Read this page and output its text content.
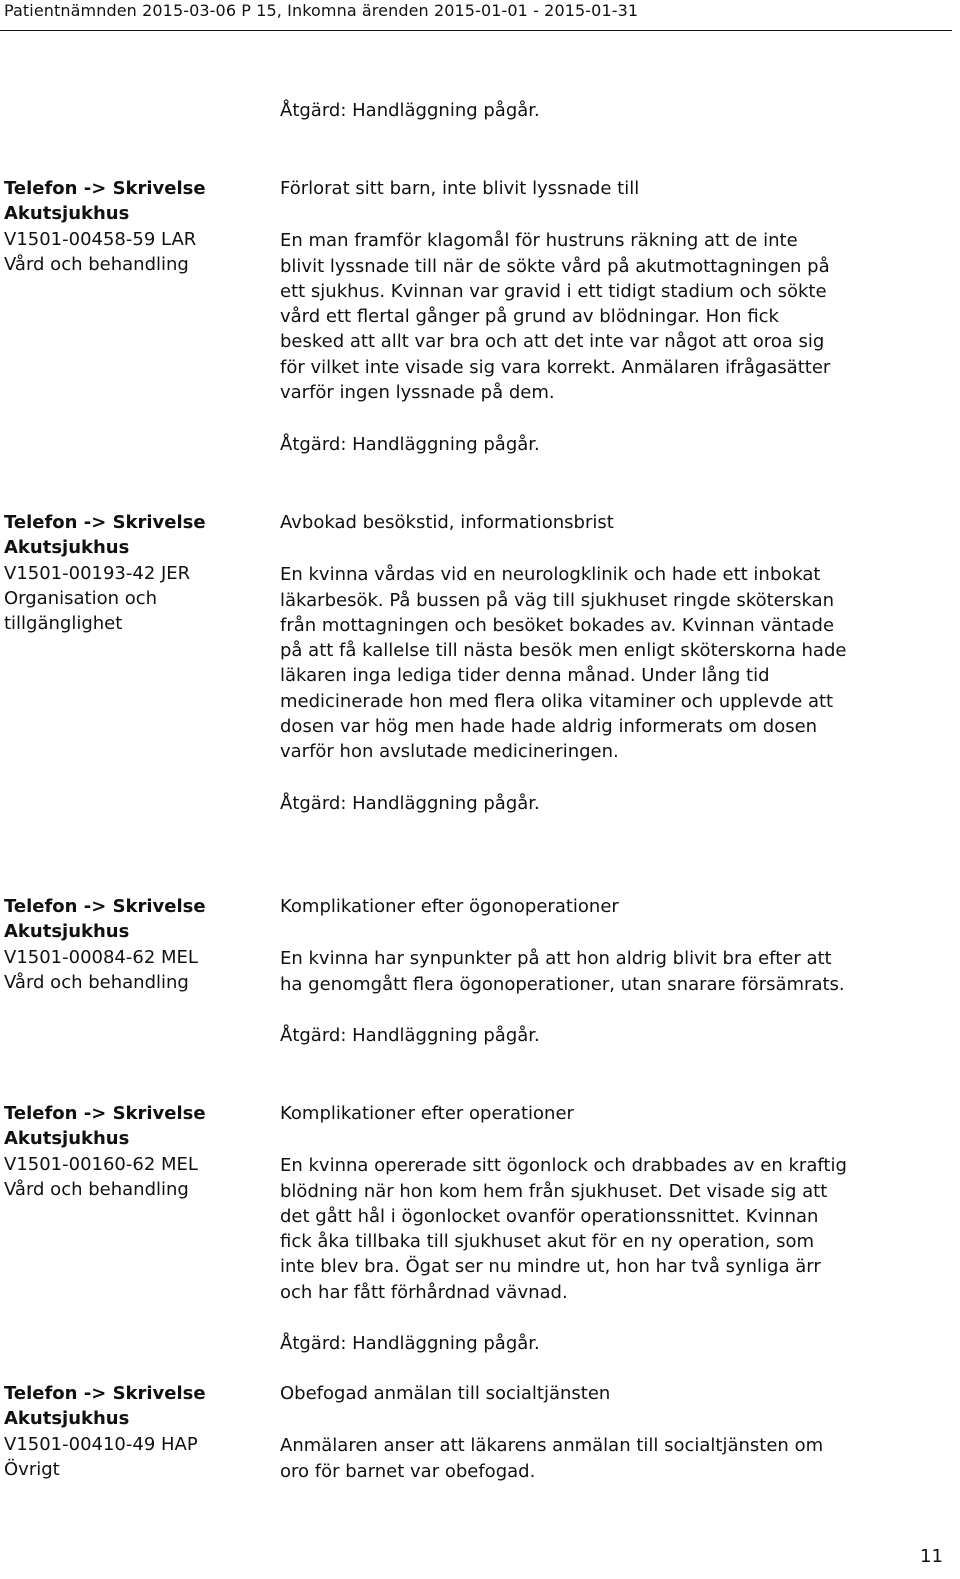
Patientnämnden 2015-03-06 P 15, Inkomna ärenden 2015-01-01 - 2015-01-31
Åtgärd: Handläggning pågår.
Telefon -> Skrivelse
Akutsjukhus
V1501-00458-59 LAR
Vård och behandling
Förlorat sitt barn, inte blivit lyssnade till
En man framför klagomål för hustruns räkning att de inte
blivit lyssnade till när de sökte vård på akutmottagningen på
ett sjukhus. Kvinnan var gravid i ett tidigt stadium och sökte
vård ett flertal gånger på grund av blödningar. Hon fick
besked att allt var bra och att det inte var något att oroa sig
för vilket inte visade sig vara korrekt. Anmälaren ifrågasätter
varför ingen lyssnade på dem.
Åtgärd: Handläggning pågår.
Telefon -> Skrivelse
Akutsjukhus
V1501-00193-42 JER
Organisation och
tillgänglighet
Avbokad besökstid, informationsbrist
En kvinna vårdas vid en neurologklinik och hade ett inbokat
läkarbesök. På bussen på väg till sjukhuset ringde sköterskan
från mottagningen och besöket bokades av. Kvinnan väntade
på att få kallelse till nästa besök men enligt sköterskorna hade
läkaren inga lediga tider denna månad. Under lång tid
medicinerade hon med flera olika vitaminer och upplevde att
dosen var hög men hade hade aldrig informerats om dosen
varför hon avslutade medicineringen.
Åtgärd: Handläggning pågår.
Telefon -> Skrivelse
Akutsjukhus
V1501-00084-62 MEL
Vård och behandling
Komplikationer efter ögonoperationer
En kvinna har synpunkter på att hon aldrig blivit bra efter att
ha genomgått flera ögonoperationer, utan snarare försämrats.
Åtgärd: Handläggning pågår.
Telefon -> Skrivelse
Akutsjukhus
V1501-00160-62 MEL
Vård och behandling
Komplikationer efter operationer
En kvinna opererade sitt ögonlock och drabbades av en kraftig
blödning när hon kom hem från sjukhuset. Det visade sig att
det gått hål i ögonlocket ovanför operationssnittet. Kvinnan
fick åka tillbaka till sjukhuset akut för en ny operation, som
inte blev bra. Ögat ser nu mindre ut, hon har två synliga ärr
och har fått förhårdnad vävnad.
Åtgärd: Handläggning pågår.
Telefon -> Skrivelse
Akutsjukhus
V1501-00410-49 HAP
Övrigt
Obefogad anmälan till socialtjänsten
Anmälaren anser att läkarens anmälan till socialtjänsten om
oro för barnet var obefogad.
11
